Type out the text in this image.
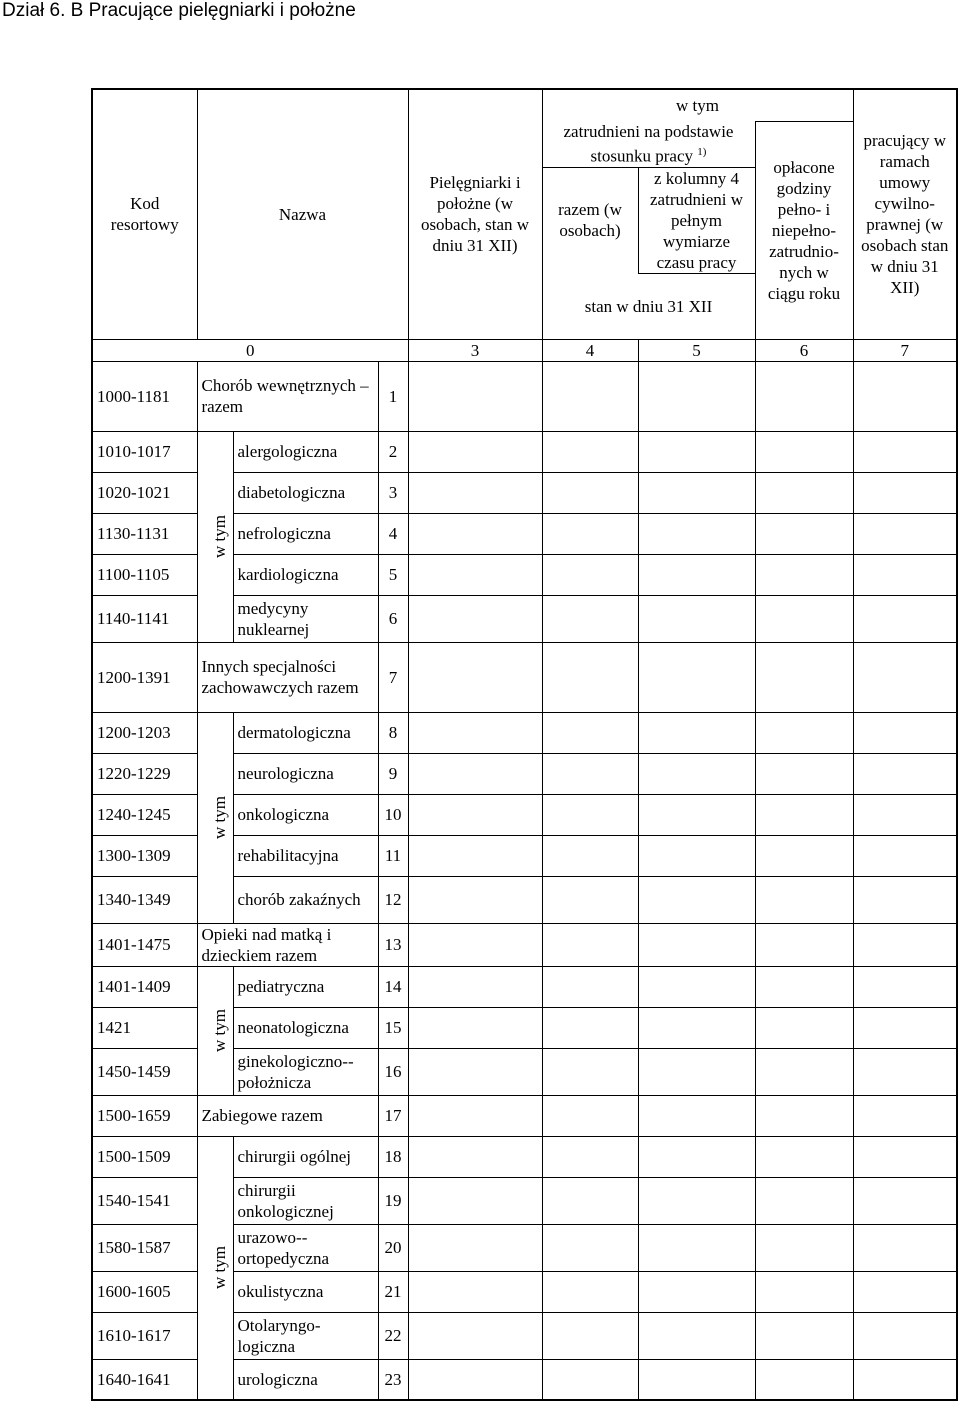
Dział 6. B Pracujące pielęgniarki i położne
Kod resortowy	Nazwa			Pielęgniarki i położne (w osobach, stan w dniu 31 XII)	w tym			pracujący w ramach umowy cywilno-prawnej (w osobach stan w dniu 31 XII)
					zatrudnieni na podstawie stosunku pracy $^{1)}$		opłacone godziny pełno- i niepełno-zatrudnio-nych w ciągu roku	
					razem (w osobach)	z kolumny 4 zatrudnieni w pełnym wymiarze czasu pracy		
					stan w dniu 31 XII			
0				3	4	5	6	7
1000-1181	Chorób wewnętrznych – razem		1					
1010-1017	w tym	alergologiczna	2					
1020-1021		diabetologiczna	3					
1130-1131		nefrologiczna	4					
1100-1105		kardiologiczna	5					
1140-1141		medycyny nuklearnej	6					
1200-1391	Innych specjalności zachowawczych razem		7					
1200-1203	w tym	dermatologiczna	8					
1220-1229		neurologiczna	9					
1240-1245		onkologiczna	10					
1300-1309		rehabilitacyjna	11					
1340-1349		chorób zakaźnych	12					
1401-1475	Opieki nad matką i dzieckiem razem		13					
1401-1409	w tym	pediatryczna	14					
1421		neonatologiczna	15					
1450-1459		ginekologiczno--położnicza	16					
1500-1659	Zabiegowe razem		17					
1500-1509	w tym	chirurgii ogólnej	18					
1540-1541		chirurgii onkologicznej	19					
1580-1587		urazowo--ortopedyczna	20					
1600-1605		okulistyczna	21					
1610-1617		Otolaryngo-logiczna	22					
1640-1641		urologiczna	23					
